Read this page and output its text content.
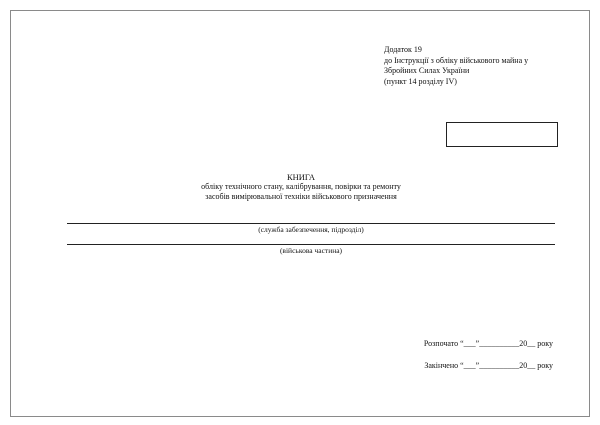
Додаток 19
до Інструкції з обліку військового майна у
Збройних Силах України
(пункт 14 розділу IV)
КНИГА
обліку технічного стану, калібрування, повірки та ремонту
засобів вимірювальної техніки військового призначення
(служба забезпечення, підрозділ)
(військова частина)
Розпочато “___”__________20__ року
Закінчено “___”__________20__ року
